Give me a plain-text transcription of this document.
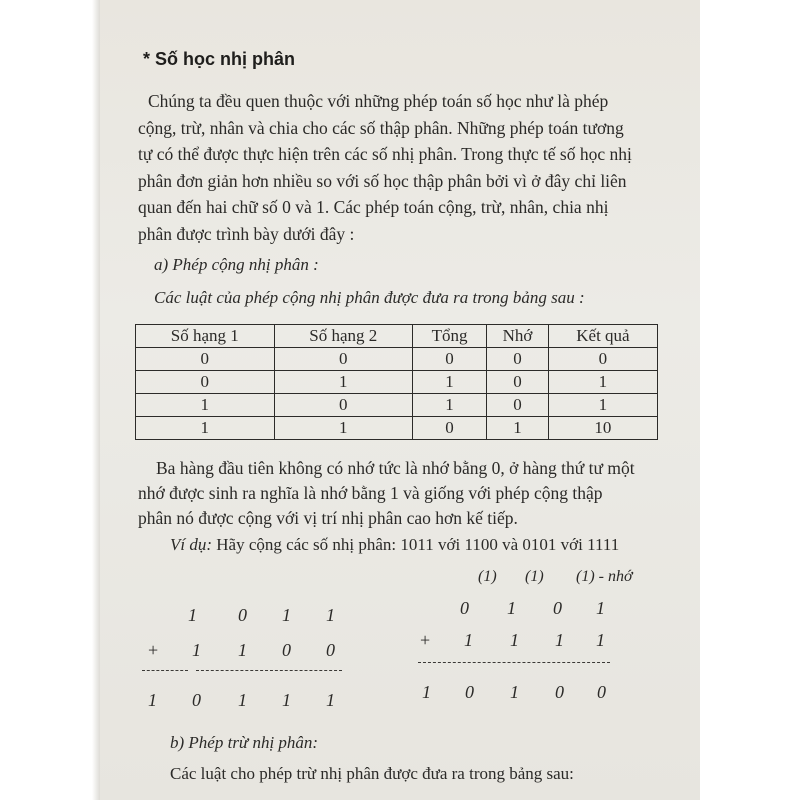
* Số học nhị phân
Chúng ta đều quen thuộc với những phép toán số học như là phép
cộng, trừ, nhân và chia cho các số thập phân. Những phép toán tương
tự có thể được thực hiện trên các số nhị phân. Trong thực tế số học nhị
phân đơn giản hơn nhiều so với số học thập phân bởi vì ở đây chỉ liên
quan đến hai chữ số 0 và 1. Các phép toán cộng, trừ, nhân, chia nhị
phân được trình bày dưới đây :
a) Phép cộng nhị phân :
Các luật của phép cộng nhị phân được đưa ra trong bảng sau :
Số hạng 1	Số hạng 2	Tổng	Nhớ	Kết quả
0	0	0	0	0
0	1	1	0	1
1	0	1	0	1
1	1	0	1	10
Ba hàng đầu tiên không có nhớ tức là nhớ bằng 0, ở hàng thứ tư một
nhớ được sinh ra nghĩa là nhớ bằng 1 và giống với phép cộng thập
phân nó được cộng với vị trí nhị phân cao hơn kế tiếp.
Ví dụ: Hãy cộng các số nhị phân: 1011 với 1100 và 0101 với 1111
1 0 1 1
+ 1 1 0 0
1 0 1 1 1
(1) (1) (1) - nhớ
0 1 0 1
+ 1 1 1 1
1 0 1 0 0
b) Phép trừ nhị phân:
Các luật cho phép trừ nhị phân được đưa ra trong bảng sau:
